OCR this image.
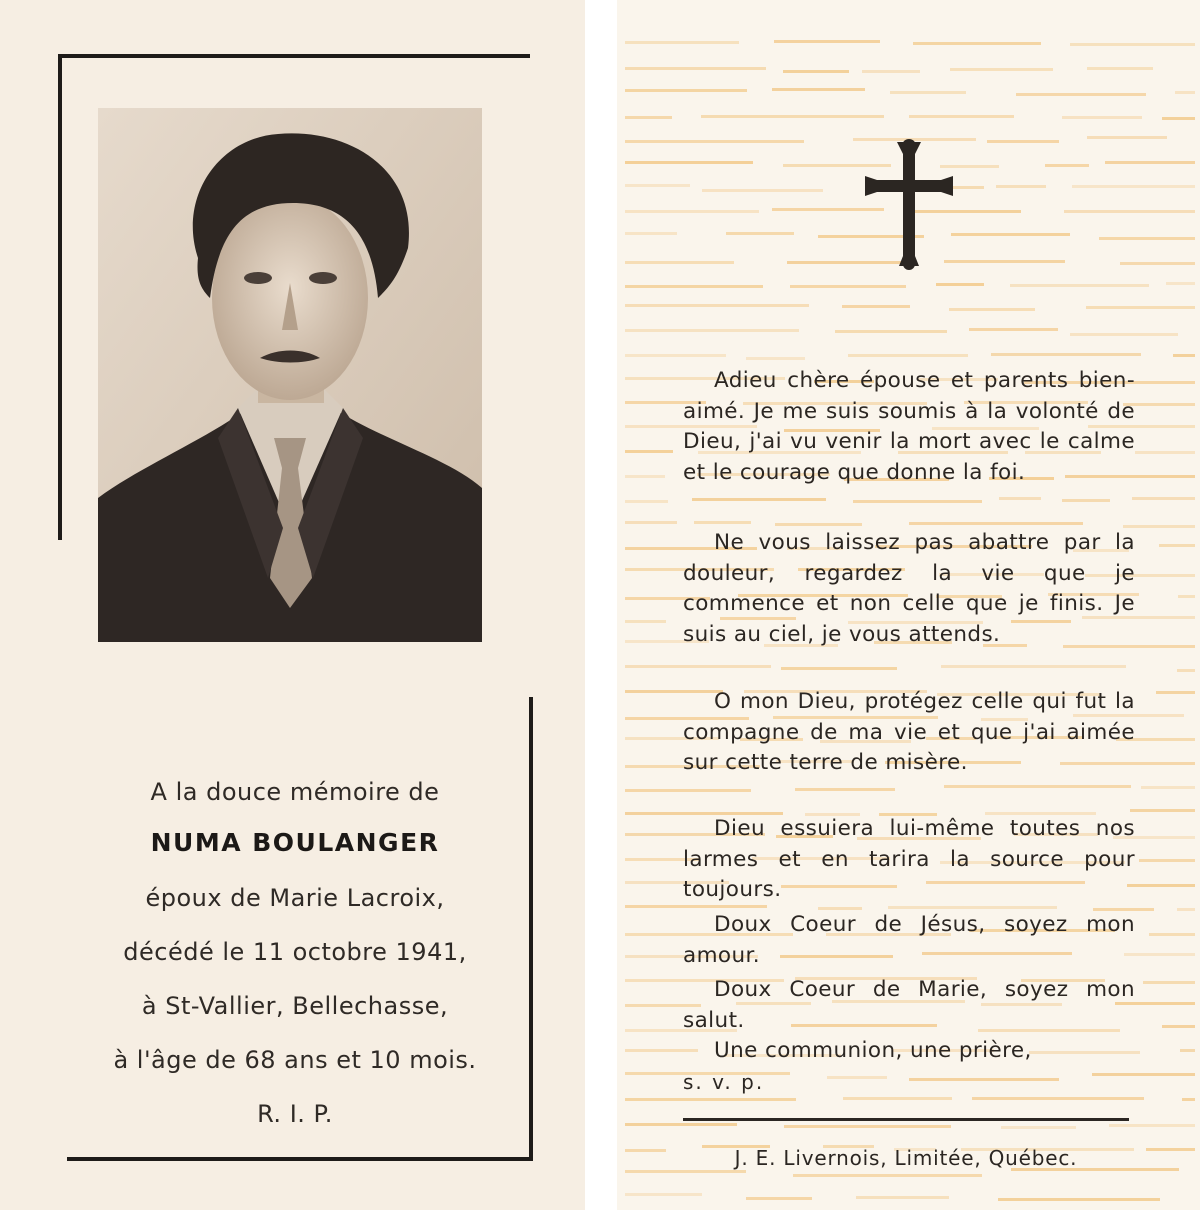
A la douce mémoire de
NUMA BOULANGER
époux de Marie Lacroix,
décédé le 11 octobre 1941,
à St-Vallier, Bellechasse,
à l'âge de 68 ans et 10 mois.
R. I. P.
Adieu chère épouse et parents bien-aimé. Je me suis soumis à la volonté de Dieu, j'ai vu venir la mort avec le calme et le courage que donne la foi.
Ne vous laissez pas abattre par la douleur, regardez la vie que je commence et non celle que je finis. Je suis au ciel, je vous attends.
O mon Dieu, protégez celle qui fut la compagne de ma vie et que j'ai aimée sur cette terre de misère.
Dieu essuiera lui-même toutes nos larmes et en tarira la source pour toujours.
Doux Coeur de Jésus, soyez mon amour.
Doux Coeur de Marie, soyez mon salut.
Une communion, une prière,
s. v. p.
J. E. Livernois, Limitée, Québec.
